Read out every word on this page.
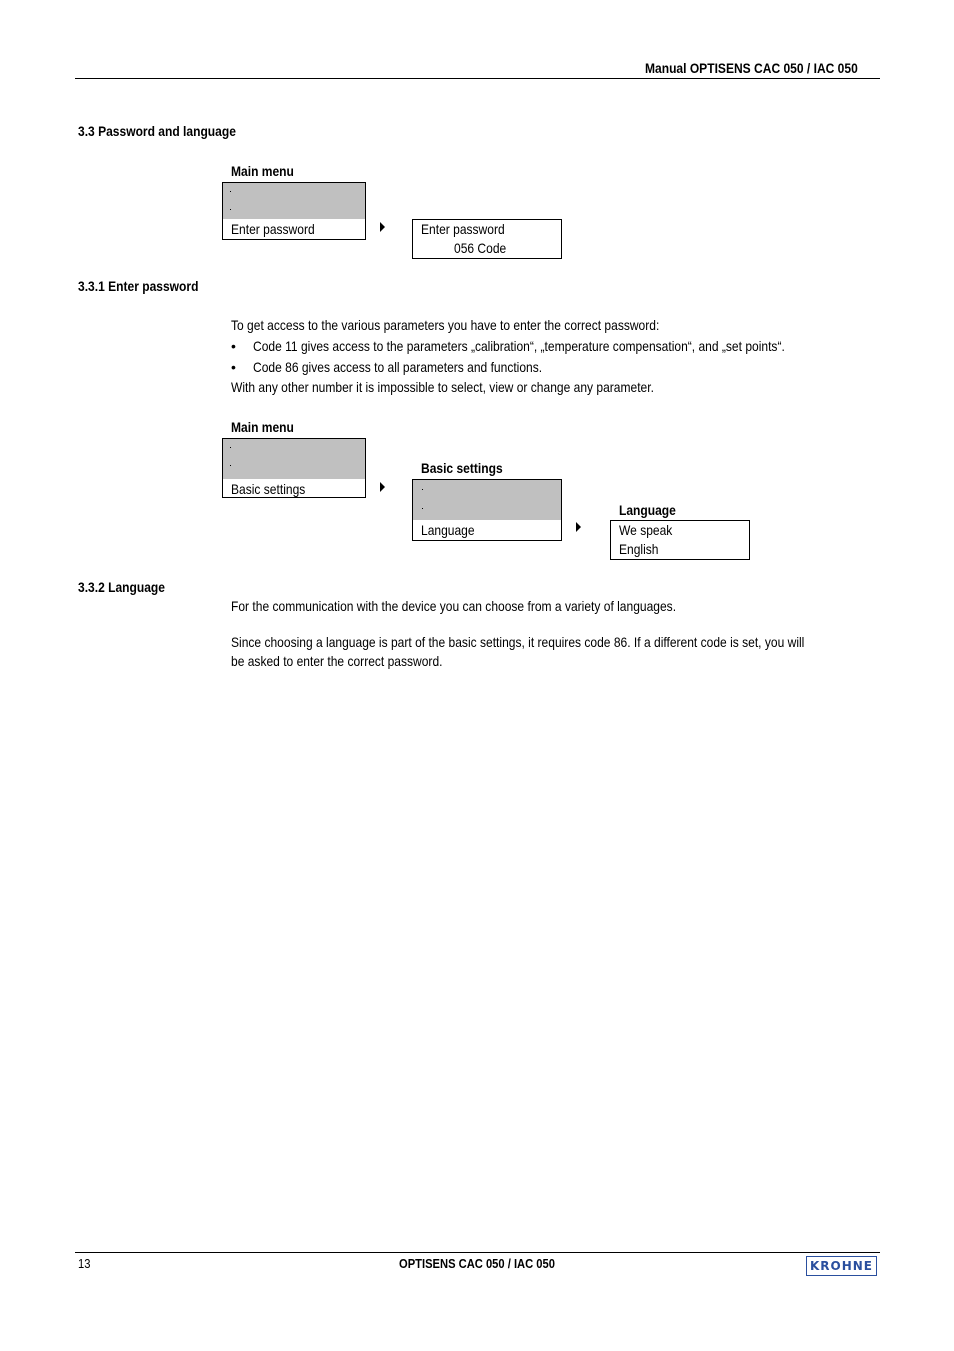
Manual OPTISENS CAC 050 / IAC 050
3.3 Password and language
Main menu
Enter password	Enter password
056 Code
3.3.1 Enter password
To get access to the various parameters you have to enter the correct password:
• Code 11 gives access to the parameters „calibration“, „temperature compensation“, and „set points“.
• Code 86 gives access to all parameters and functions.
With any other number it is impossible to select, view or change any parameter.
Main menu
Basic settings
Basic settings
Language
Language
We speak
English
3.3.2 Language
For the communication with the device you can choose from a variety of languages.
Since choosing a language is part of the basic settings, it requires code 86. If a different code is set, you will
be asked to enter the correct password.
13	OPTISENS CAC 050 / IAC 050	KROHNE
